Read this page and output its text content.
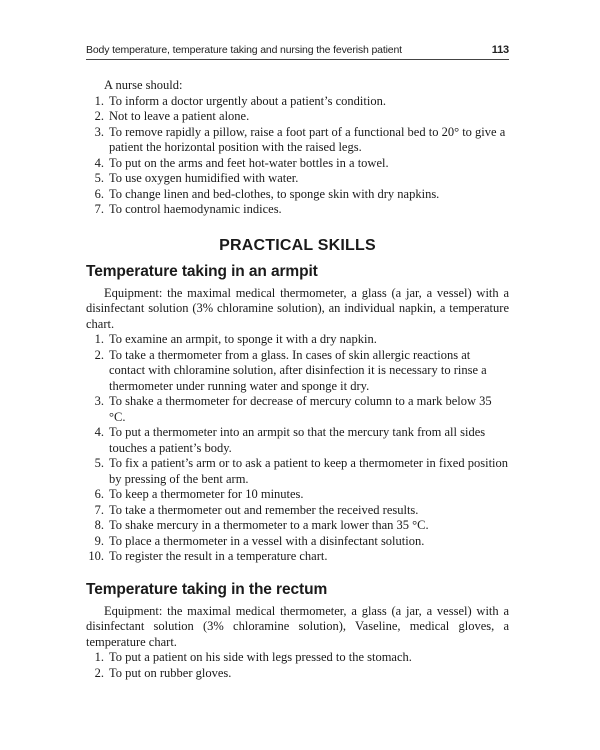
Body temperature, temperature taking and nursing the feverish patient	113

A nurse should:

1. To inform a doctor urgently about a patient’s condition.
2. Not to leave a patient alone.
3. To remove rapidly a pillow, raise a foot part of a functional bed to 20° to give a patient the horizontal position with the raised legs.
4. To put on the arms and feet hot-water bottles in a towel.
5. To use oxygen humidified with water.
6. To change linen and bed-clothes, to sponge skin with dry napkins.
7. To control haemodynamic indices.
PRACTICAL SKILLS
Temperature taking in an armpit

Equipment: the maximal medical thermometer, a glass (a jar, a vessel) with a disinfectant solution (3% chloramine solution), an individual napkin, a temperature chart.

1. To examine an armpit, to sponge it with a dry napkin.
2. To take a thermometer from a glass. In cases of skin allergic reactions at contact with chloramine solution, after disinfection it is necessary to rinse a thermometer under running water and sponge it dry.
3. To shake a thermometer for decrease of mercury column to a mark below 35 °C.
4. To put a thermometer into an armpit so that the mercury tank from all sides touches a patient’s body.
5. To fix a patient’s arm or to ask a patient to keep a thermometer in fixed position by pressing of the bent arm.
6. To keep a thermometer for 10 minutes.
7. To take a thermometer out and remember the received results.
8. To shake mercury in a thermometer to a mark lower than 35 °C.
9. To place a thermometer in a vessel with a disinfectant solution.
10. To register the result in a temperature chart.
Temperature taking in the rectum

Equipment: the maximal medical thermometer, a glass (a jar, a vessel) with a disinfectant solution (3% chloramine solution), Vaseline, medical gloves, a temperature chart.

1. To put a patient on his side with legs pressed to the stomach.
2. To put on rubber gloves.
